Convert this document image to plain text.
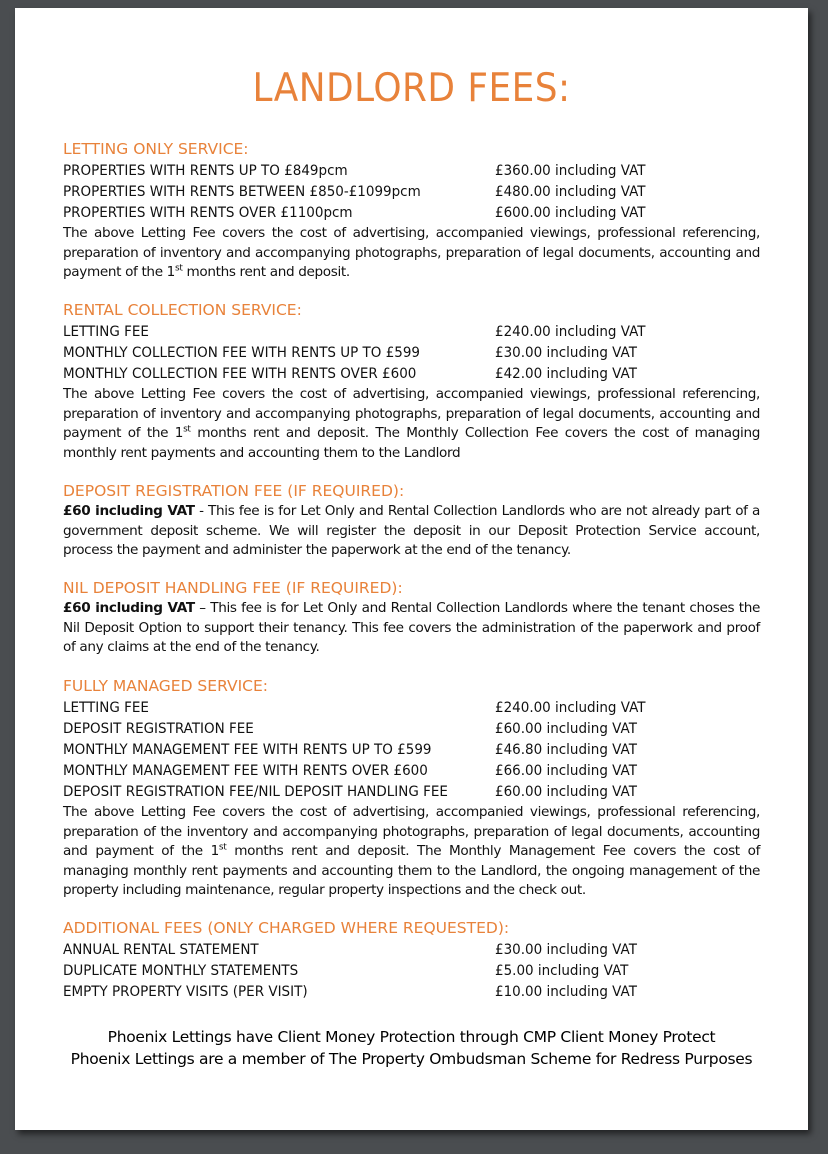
LANDLORD FEES:
LETTING ONLY SERVICE:
PROPERTIES WITH RENTS UP TO £849pcm	£360.00 including VAT
PROPERTIES WITH RENTS BETWEEN £850-£1099pcm	£480.00 including VAT
PROPERTIES WITH RENTS OVER £1100pcm	£600.00 including VAT
The above Letting Fee covers the cost of advertising, accompanied viewings, professional referencing, preparation of inventory and accompanying photographs, preparation of legal documents, accounting and payment of the 1st months rent and deposit.
RENTAL COLLECTION SERVICE:
LETTING FEE	£240.00 including VAT
MONTHLY COLLECTION FEE WITH RENTS UP TO £599	£30.00 including VAT
MONTHLY COLLECTION FEE WITH RENTS OVER £600	£42.00 including VAT
The above Letting Fee covers the cost of advertising, accompanied viewings, professional referencing, preparation of inventory and accompanying photographs, preparation of legal documents, accounting and payment of the 1st months rent and deposit. The Monthly Collection Fee covers the cost of managing monthly rent payments and accounting them to the Landlord
DEPOSIT REGISTRATION FEE (IF REQUIRED):
£60 including VAT - This fee is for Let Only and Rental Collection Landlords who are not already part of a government deposit scheme. We will register the deposit in our Deposit Protection Service account, process the payment and administer the paperwork at the end of the tenancy.
NIL DEPOSIT HANDLING FEE (IF REQUIRED):
£60 including VAT – This fee is for Let Only and Rental Collection Landlords where the tenant choses the Nil Deposit Option to support their tenancy. This fee covers the administration of the paperwork and proof of any claims at the end of the tenancy.
FULLY MANAGED SERVICE:
LETTING FEE	£240.00 including VAT
DEPOSIT REGISTRATION FEE	£60.00 including VAT
MONTHLY MANAGEMENT FEE WITH RENTS UP TO £599	£46.80 including VAT
MONTHLY MANAGEMENT FEE WITH RENTS OVER £600	£66.00 including VAT
DEPOSIT REGISTRATION FEE/NIL DEPOSIT HANDLING FEE	£60.00 including VAT
The above Letting Fee covers the cost of advertising, accompanied viewings, professional referencing, preparation of the inventory and accompanying photographs, preparation of legal documents, accounting and payment of the 1st months rent and deposit. The Monthly Management Fee covers the cost of managing monthly rent payments and accounting them to the Landlord, the ongoing management of the property including maintenance, regular property inspections and the check out.
ADDITIONAL FEES (ONLY CHARGED WHERE REQUESTED):
ANNUAL RENTAL STATEMENT	£30.00 including VAT
DUPLICATE MONTHLY STATEMENTS	£5.00 including VAT
EMPTY PROPERTY VISITS (PER VISIT)	£10.00 including VAT
Phoenix Lettings have Client Money Protection through CMP Client Money Protect
Phoenix Lettings are a member of The Property Ombudsman Scheme for Redress Purposes
